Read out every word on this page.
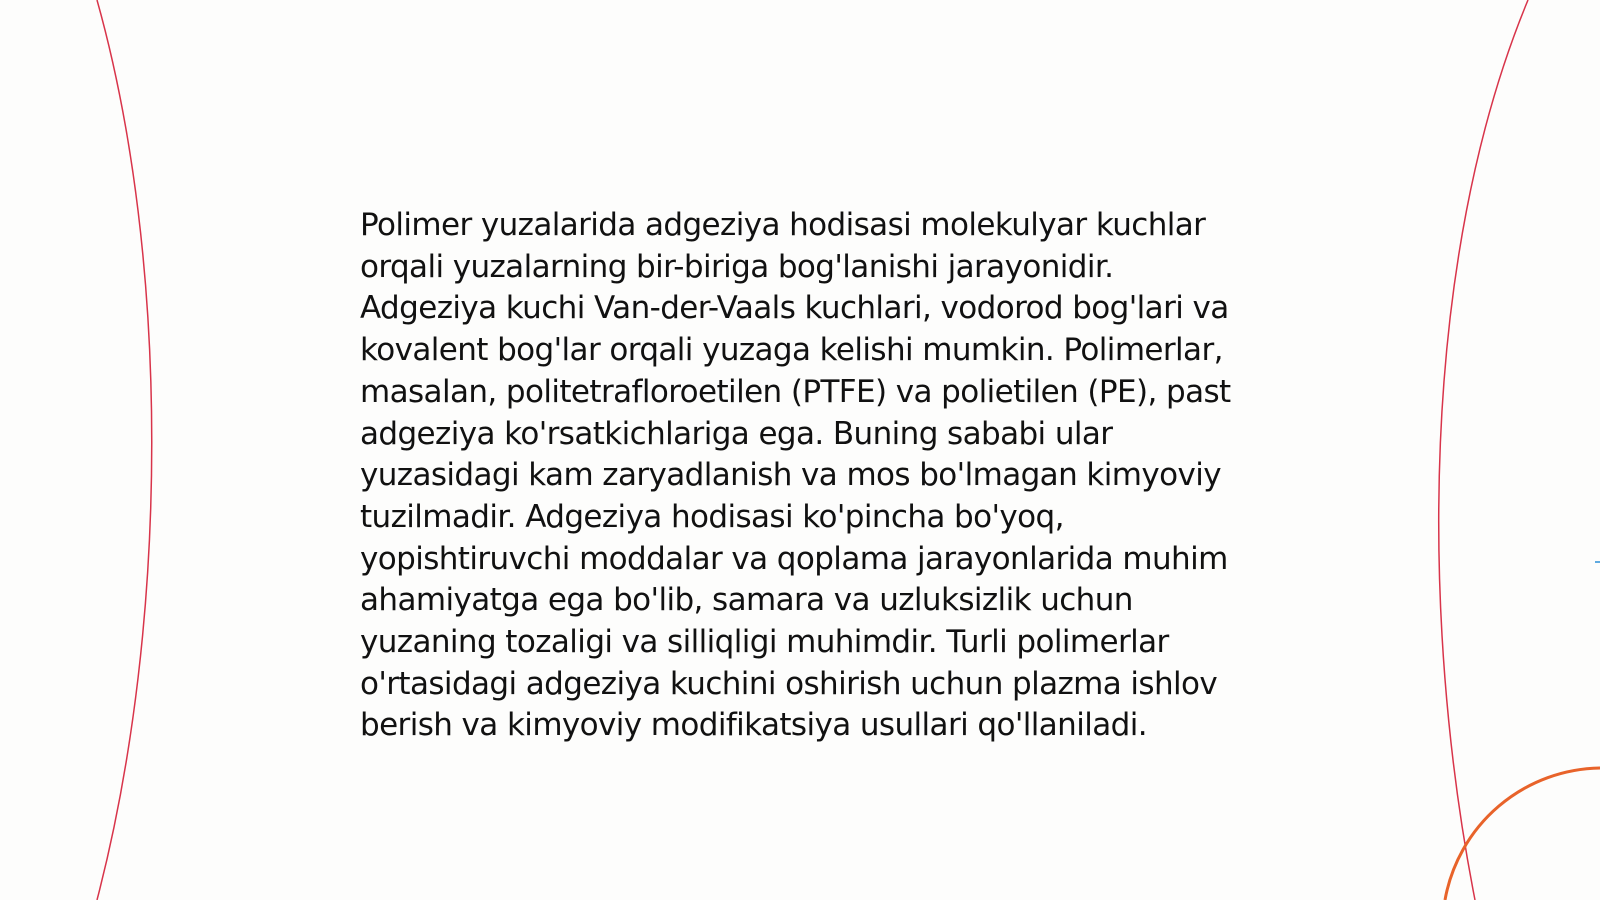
Polimer yuzalarida adgeziya hodisasi molekulyar kuchlar orqali yuzalarning bir-biriga bog'lanishi jarayonidir. Adgeziya kuchi Van-der-Vaals kuchlari, vodorod bog'lari va kovalent bog'lar orqali yuzaga kelishi mumkin. Polimerlar, masalan, politetrafloroetilen (PTFE) va polietilen (PE), past adgeziya ko'rsatkichlariga ega. Buning sababi ular yuzasidagi kam zaryadlanish va mos bo'lmagan kimyoviy tuzilmadir. Adgeziya hodisasi ko'pincha bo'yoq, yopishtiruvchi moddalar va qoplama jarayonlarida muhim ahamiyatga ega bo'lib, samara va uzluksizlik uchun yuzaning tozaligi va silliqligi muhimdir. Turli polimerlar o'rtasidagi adgeziya kuchini oshirish uchun plazma ishlov berish va kimyoviy modifikatsiya usullari qo'llaniladi.
